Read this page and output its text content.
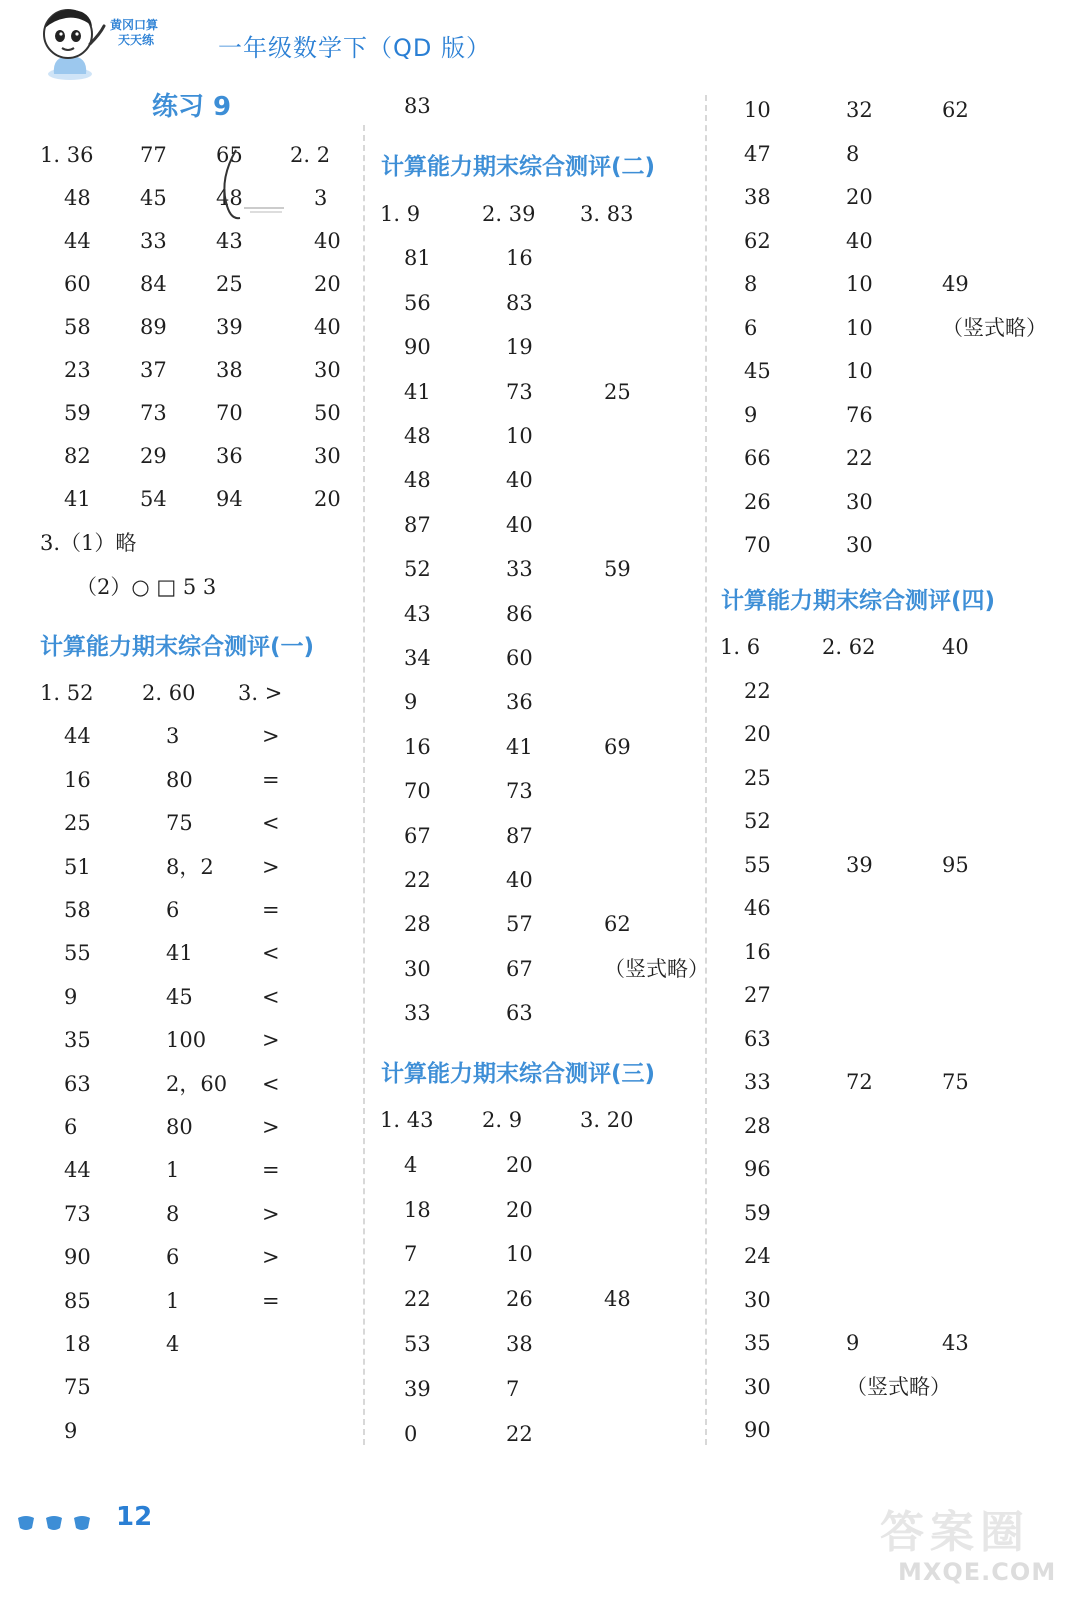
黄冈口算
天天练	一年级数学下（QD 版）
练习 9
1. 36 77 65 2. 2
48 45 48	3
44 33 43	40
60 84 25	20
58 89 39	40
23 37 38	30
59 73 70	50
82 29 36	30
41 54 94	20
3.（1）略
（2）○ □ 5 3
计算能力期末综合测评(一)
1. 52 2. 60 3. >
44	3	>
16	80	=
25	75	<
51	8，2 >
58	6	=
55	41	<
9	45	<
35	100	>
63	2，60 <
6	80	>
44	1	=
73	8	>
90	6	>
85	1	=
18	4
75
9
83
计算能力期末综合测评(二)
1. 9	2. 39 3. 83
81	16
56	83
90	19
41	73	25
48	10
48	40
87	40
52	33	59
43	86
34	60
9	36
16	41	69
70	73
67	87
22	40
28	57	62
30	67	（竖式略）
33	63
计算能力期末综合测评(三)
1. 43 2. 9	3. 20
4	20
18	20
7	10
22	26	48
53	38
39	7
0	22
10	32	62
47	8
38	20
62	40
8	10	49
6	10	（竖式略）
45	10
9	76
66	22
26	30
70	30
计算能力期末综合测评(四)
1. 6	2. 62	40
22
20
25
52
55	39	95
46
16
27
63
33	72	75
28
96
59
24
30
35	9	43
30	（竖式略）
90
12	答案圈
MXQE.COM
